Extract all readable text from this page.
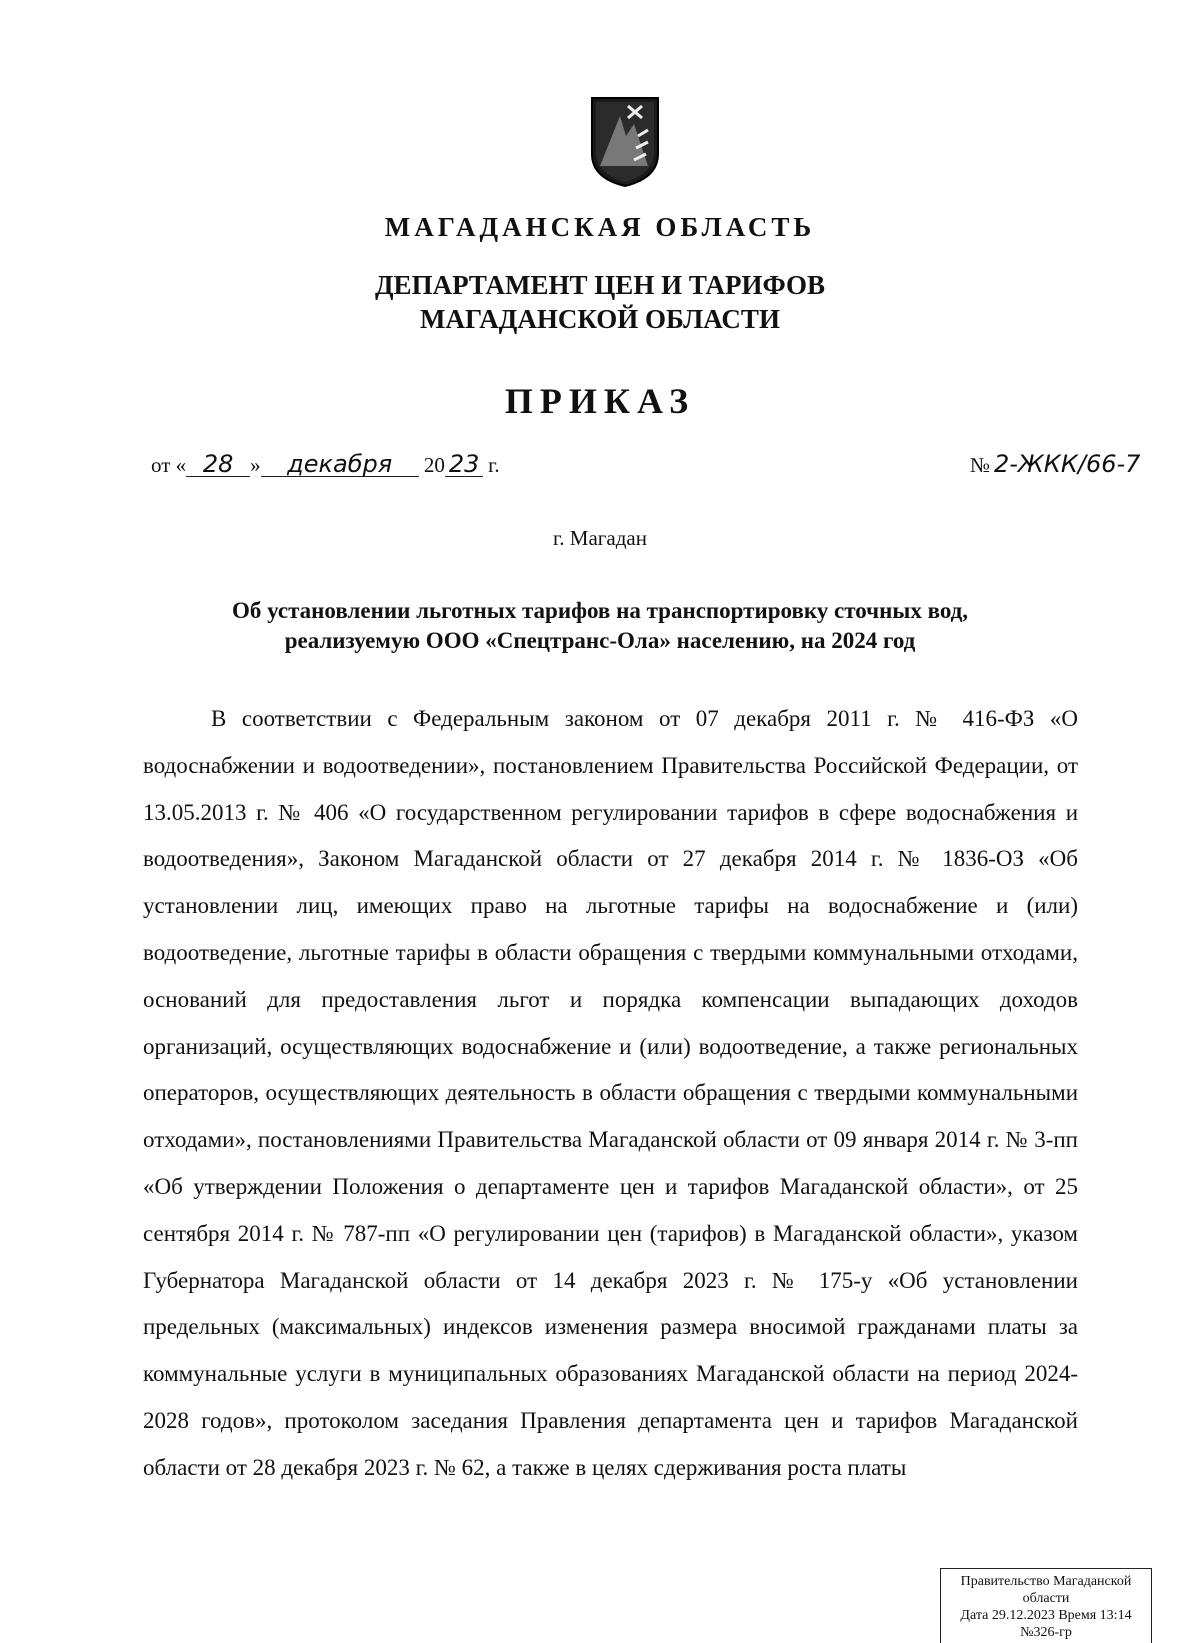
МАГАДАНСКАЯ ОБЛАСТЬ
ДЕПАРТАМЕНТ ЦЕН И ТАРИФОВ
МАГАДАНСКОЙ ОБЛАСТИ
ПРИКАЗ
от « 28 » декабря 20 23 г.	№ 2-ЖКК/66-7
г. Магадан
Об установлении льготных тарифов на транспортировку сточных вод,
реализуемую ООО «Спецтранс-Ола» населению, на 2024 год

В соответствии с Федеральным законом от 07 декабря 2011 г. № 416-ФЗ «О водоснабжении и водоотведении», постановлением Правительства Российской Федерации, от 13.05.2013 г. № 406 «О государственном регулировании тарифов в сфере водоснабжения и водоотведения», Законом Магаданской области от 27 декабря 2014 г. № 1836-ОЗ «Об установлении лиц, имеющих право на льготные тарифы на водоснабжение и (или) водоотведение, льготные тарифы в области обращения с твердыми коммунальными отходами, оснований для предоставления льгот и порядка компенсации выпадающих доходов организаций, осуществляющих водоснабжение и (или) водоотведение, а также региональных операторов, осуществляющих деятельность в области обращения с твердыми коммунальными отходами», постановлениями Правительства Магаданской области от 09 января 2014 г. № 3-пп «Об утверждении Положения о департаменте цен и тарифов Магаданской области», от 25 сентября 2014 г. № 787-пп «О регулировании цен (тарифов) в Магаданской области», указом Губернатора Магаданской области от 14 декабря 2023 г. № 175-у «Об установлении предельных (максимальных) индексов изменения размера вносимой гражданами платы за коммунальные услуги в муниципальных образованиях Магаданской области на период 2024-2028 годов», протоколом заседания Правления департамента цен и тарифов Магаданской области от 28 декабря 2023 г. № 62, а также в целях сдерживания роста платы

Правительство Магаданской
области
Дата 29.12.2023 Время 13:14
№326-гр
